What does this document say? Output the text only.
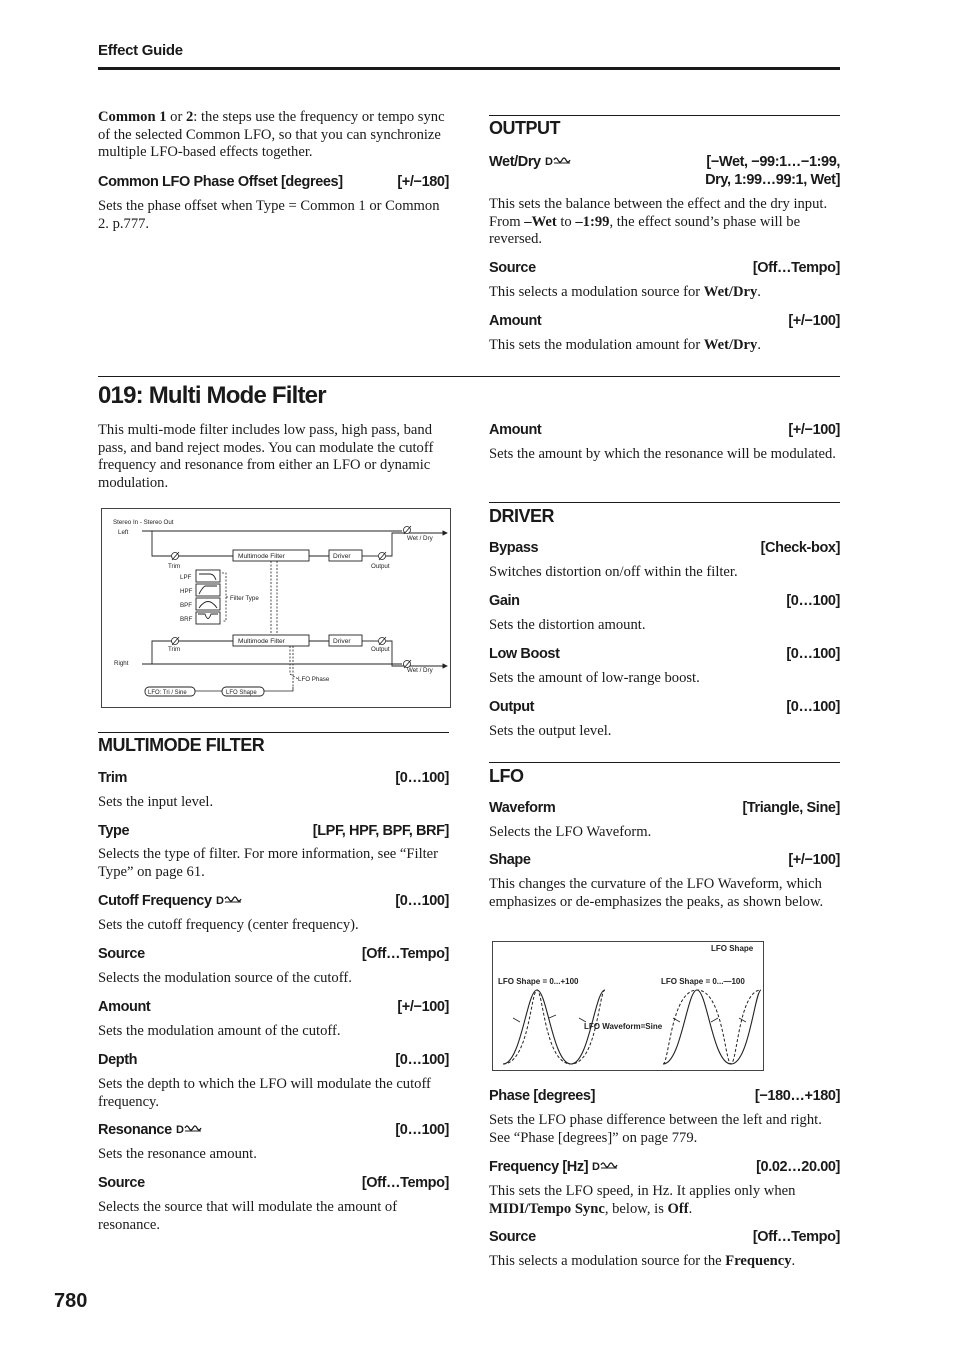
Effect Guide
Common 1 or 2: the steps use the frequency or tempo sync of the selected Common LFO, so that you can synchronize multiple LFO-based effects together.
Common LFO Phase Offset [degrees]	[+/−180]
Sets the phase offset when Type = Common 1 or Common 2. p.777.
OUTPUT
Wet/Dry D	[−Wet, −99:1…−1:99,
Dry, 1:99…99:1, Wet]
This sets the balance between the effect and the dry input. From –Wet to –1:99, the effect sound’s phase will be reversed.
Source	[Off…Tempo]
This selects a modulation source for Wet/Dry.
Amount	[+/−100]
This sets the modulation amount for Wet/Dry.
019: Multi Mode Filter
This multi-mode filter includes low pass, high pass, band pass, and band reject modes. You can modulate the cutoff frequency and resonance from either an LFO or dynamic modulation.
Stereo In - Stereo Out
Left
Right
Trim
Trim
Output
Output
Wet / Dry
Wet / Dry
Filter Type
LPF
HPF
BPF
BRF
LFO Phase
Multimode Filter	Driver
Multimode Filter	Driver
LFO: Tri / Sine	LFO Shape
MULTIMODE FILTER
Trim	[0…100]
Sets the input level.
Type	[LPF, HPF, BPF, BRF]
Selects the type of filter. For more information, see “Filter Type” on page 61.
Cutoff Frequency D	[0…100]
Sets the cutoff frequency (center frequency).
Source	[Off…Tempo]
Selects the modulation source of the cutoff.
Amount	[+/−100]
Sets the modulation amount of the cutoff.
Depth	[0…100]
Sets the depth to which the LFO will modulate the cutoff frequency.
Resonance D	[0…100]
Sets the resonance amount.
Source	[Off…Tempo]
Selects the source that will modulate the amount of resonance.
Amount	[+/−100]
Sets the amount by which the resonance will be modulated.
DRIVER
Bypass	[Check-box]
Switches distortion on/off within the filter.
Gain	[0…100]
Sets the distortion amount.
Low Boost	[0…100]
Sets the amount of low-range boost.
Output	[0…100]
Sets the output level.
LFO
Waveform	[Triangle, Sine]
Selects the LFO Waveform.
Shape	[+/−100]
This changes the curvature of the LFO Waveform, which emphasizes or de-emphasizes the peaks, as shown below.
LFO Shape
LFO Shape = 0...+100	LFO Shape = 0...—100
LFO Waveform=Sine
Phase [degrees]	[−180…+180]
Sets the LFO phase difference between the left and right. See “Phase [degrees]” on page 779.
Frequency [Hz] D	[0.02…20.00]
This sets the LFO speed, in Hz. It applies only when MIDI/Tempo Sync, below, is Off.
Source	[Off…Tempo]
This selects a modulation source for the Frequency.
780
